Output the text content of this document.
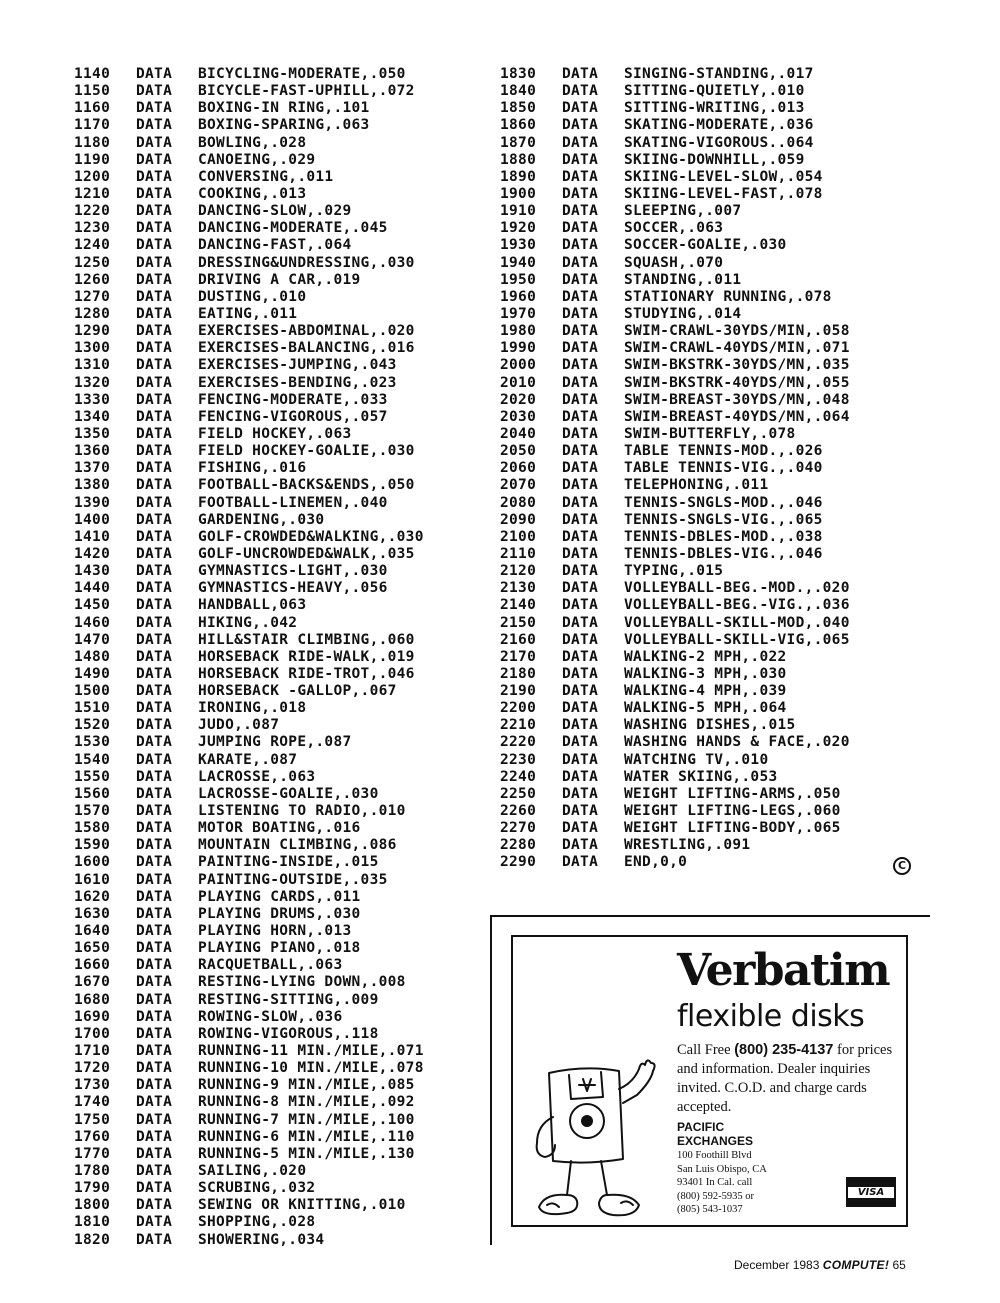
1140	DATA	BICYCLING-MODERATE,.050
1150	DATA	BICYCLE-FAST-UPHILL,.072
1160	DATA	BOXING-IN RING,.101
1170	DATA	BOXING-SPARING,.063
1180	DATA	BOWLING,.028
1190	DATA	CANOEING,.029
1200	DATA	CONVERSING,.011
1210	DATA	COOKING,.013
1220	DATA	DANCING-SLOW,.029
1230	DATA	DANCING-MODERATE,.045
1240	DATA	DANCING-FAST,.064
1250	DATA	DRESSING&UNDRESSING,.030
1260	DATA	DRIVING A CAR,.019
1270	DATA	DUSTING,.010
1280	DATA	EATING,.011
1290	DATA	EXERCISES-ABDOMINAL,.020
1300	DATA	EXERCISES-BALANCING,.016
1310	DATA	EXERCISES-JUMPING,.043
1320	DATA	EXERCISES-BENDING,.023
1330	DATA	FENCING-MODERATE,.033
1340	DATA	FENCING-VIGOROUS,.057
1350	DATA	FIELD HOCKEY,.063
1360	DATA	FIELD HOCKEY-GOALIE,.030
1370	DATA	FISHING,.016
1380	DATA	FOOTBALL-BACKS&ENDS,.050
1390	DATA	FOOTBALL-LINEMEN,.040
1400	DATA	GARDENING,.030
1410	DATA	GOLF-CROWDED&WALKING,.030
1420	DATA	GOLF-UNCROWDED&WALK,.035
1430	DATA	GYMNASTICS-LIGHT,.030
1440	DATA	GYMNASTICS-HEAVY,.056
1450	DATA	HANDBALL,063
1460	DATA	HIKING,.042
1470	DATA	HILL&STAIR CLIMBING,.060
1480	DATA	HORSEBACK RIDE-WALK,.019
1490	DATA	HORSEBACK RIDE-TROT,.046
1500	DATA	HORSEBACK -GALLOP,.067
1510	DATA	IRONING,.018
1520	DATA	JUDO,.087
1530	DATA	JUMPING ROPE,.087
1540	DATA	KARATE,.087
1550	DATA	LACROSSE,.063
1560	DATA	LACROSSE-GOALIE,.030
1570	DATA	LISTENING TO RADIO,.010
1580	DATA	MOTOR BOATING,.016
1590	DATA	MOUNTAIN CLIMBING,.086
1600	DATA	PAINTING-INSIDE,.015
1610	DATA	PAINTING-OUTSIDE,.035
1620	DATA	PLAYING CARDS,.011
1630	DATA	PLAYING DRUMS,.030
1640	DATA	PLAYING HORN,.013
1650	DATA	PLAYING PIANO,.018
1660	DATA	RACQUETBALL,.063
1670	DATA	RESTING-LYING DOWN,.008
1680	DATA	RESTING-SITTING,.009
1690	DATA	ROWING-SLOW,.036
1700	DATA	ROWING-VIGOROUS,.118
1710	DATA	RUNNING-11 MIN./MILE,.071
1720	DATA	RUNNING-10 MIN./MILE,.078
1730	DATA	RUNNING-9 MIN./MILE,.085
1740	DATA	RUNNING-8 MIN./MILE,.092
1750	DATA	RUNNING-7 MIN./MILE,.100
1760	DATA	RUNNING-6 MIN./MILE,.110
1770	DATA	RUNNING-5 MIN./MILE,.130
1780	DATA	SAILING,.020
1790	DATA	SCRUBING,.032
1800	DATA	SEWING OR KNITTING,.010
1810	DATA	SHOPPING,.028
1820	DATA	SHOWERING,.034
1830	DATA	SINGING-STANDING,.017
1840	DATA	SITTING-QUIETLY,.010
1850	DATA	SITTING-WRITING,.013
1860	DATA	SKATING-MODERATE,.036
1870	DATA	SKATING-VIGOROUS..064
1880	DATA	SKIING-DOWNHILL,.059
1890	DATA	SKIING-LEVEL-SLOW,.054
1900	DATA	SKIING-LEVEL-FAST,.078
1910	DATA	SLEEPING,.007
1920	DATA	SOCCER,.063
1930	DATA	SOCCER-GOALIE,.030
1940	DATA	SQUASH,.070
1950	DATA	STANDING,.011
1960	DATA	STATIONARY RUNNING,.078
1970	DATA	STUDYING,.014
1980	DATA	SWIM-CRAWL-30YDS/MIN,.058
1990	DATA	SWIM-CRAWL-40YDS/MIN,.071
2000	DATA	SWIM-BKSTRK-30YDS/MN,.035
2010	DATA	SWIM-BKSTRK-40YDS/MN,.055
2020	DATA	SWIM-BREAST-30YDS/MN,.048
2030	DATA	SWIM-BREAST-40YDS/MN,.064
2040	DATA	SWIM-BUTTERFLY,.078
2050	DATA	TABLE TENNIS-MOD.,.026
2060	DATA	TABLE TENNIS-VIG.,.040
2070	DATA	TELEPHONING,.011
2080	DATA	TENNIS-SNGLS-MOD.,.046
2090	DATA	TENNIS-SNGLS-VIG.,.065
2100	DATA	TENNIS-DBLES-MOD.,.038
2110	DATA	TENNIS-DBLES-VIG.,.046
2120	DATA	TYPING,.015
2130	DATA	VOLLEYBALL-BEG.-MOD.,.020
2140	DATA	VOLLEYBALL-BEG.-VIG.,.036
2150	DATA	VOLLEYBALL-SKILL-MOD,.040
2160	DATA	VOLLEYBALL-SKILL-VIG,.065
2170	DATA	WALKING-2 MPH,.022
2180	DATA	WALKING-3 MPH,.030
2190	DATA	WALKING-4 MPH,.039
2200	DATA	WALKING-5 MPH,.064
2210	DATA	WASHING DISHES,.015
2220	DATA	WASHING HANDS & FACE,.020
2230	DATA	WATCHING TV,.010
2240	DATA	WATER SKIING,.053
2250	DATA	WEIGHT LIFTING-ARMS,.050
2260	DATA	WEIGHT LIFTING-LEGS,.060
2270	DATA	WEIGHT LIFTING-BODY,.065
2280	DATA	WRESTLING,.091
2290	DATA	END,0,0	C
Verbatim
flexible disks
Call Free (800) 235-4137 for prices and information. Dealer inquiries invited. C.O.D. and charge cards accepted.
PACIFIC
EXCHANGES
100 Foothill Blvd
San Luis Obispo, CA
93401 In Cal. call
(800) 592-5935 or
(805) 543-1037
VISA
December 1983 COMPUTE! 65
